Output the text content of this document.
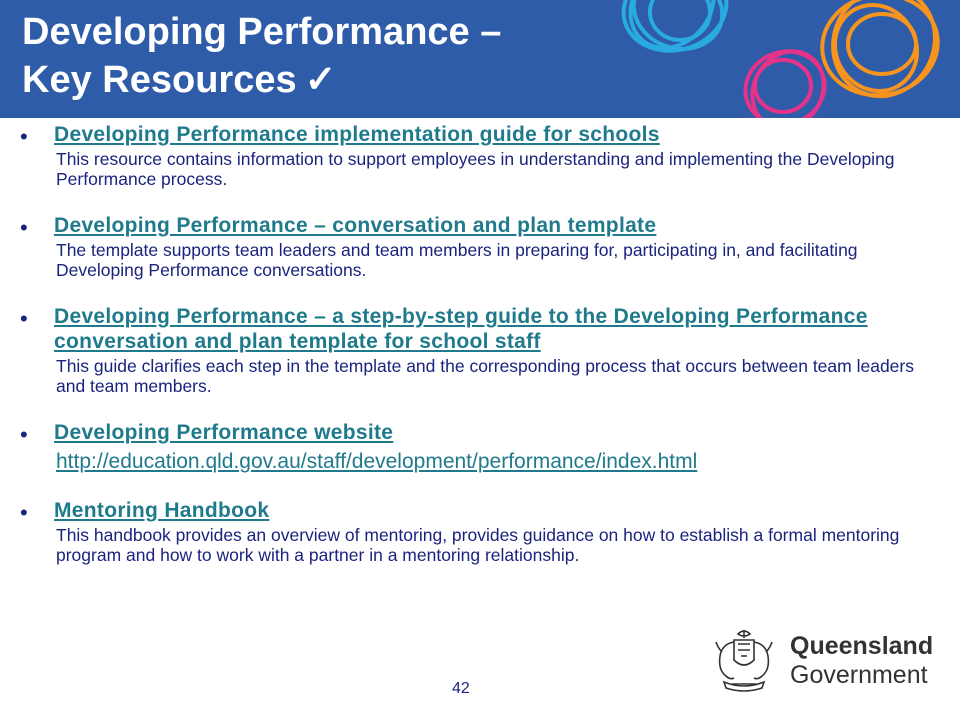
Developing Performance –
Key Resources ✓
• Developing Performance implementation guide for schools

This resource contains information to support employees in understanding and implementing the Developing Performance process.

• Developing Performance – conversation and plan template

The template supports team leaders and team members in preparing for, participating in, and facilitating Developing Performance conversations.

• Developing Performance – a step-by-step guide to the Developing Performance conversation and plan template for school staff

This guide clarifies each step in the template and the corresponding process that occurs between team leaders and team members.

• Developing Performance website
http://education.qld.gov.au/staff/development/performance/index.html
• Mentoring Handbook

This handbook provides an overview of mentoring, provides guidance on how to establish a formal mentoring program and how to work with a partner in a mentoring relationship.

42
Queensland
Government
